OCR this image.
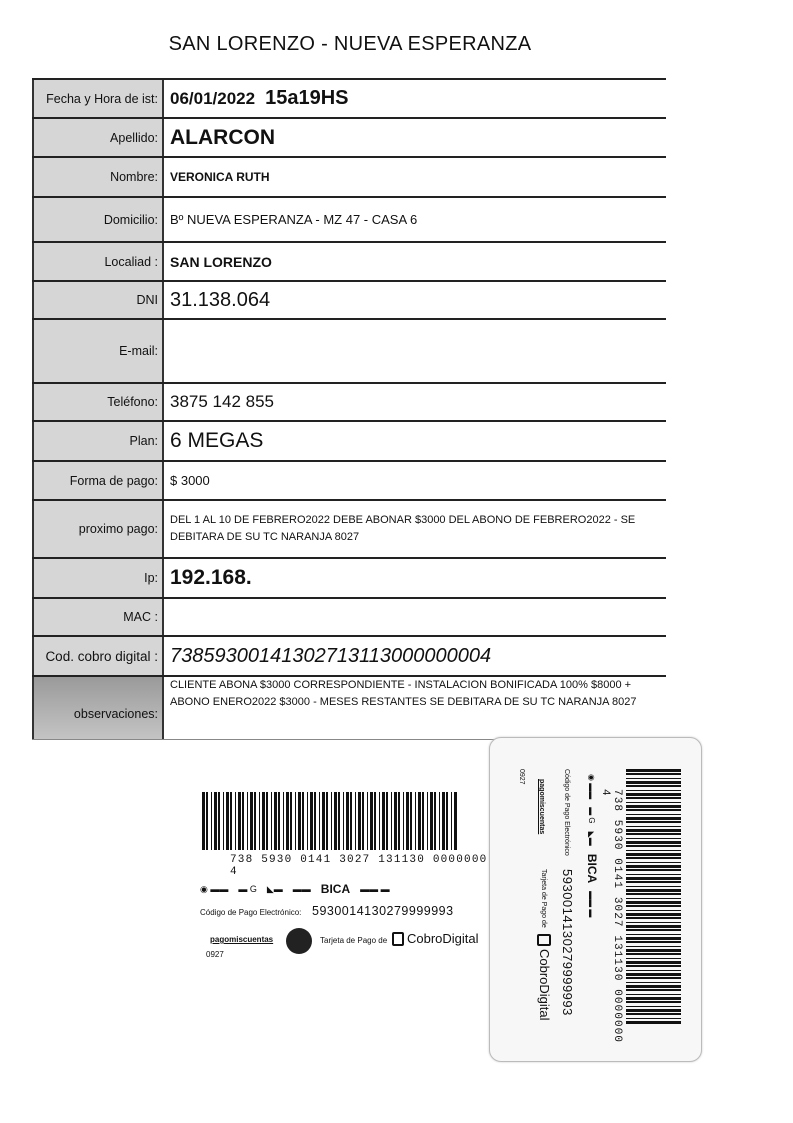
SAN LORENZO - NUEVA ESPERANZA
Fecha y Hora de ist: 06/01/2022 15a19HS
Apellido: ALARCON
Nombre:	VERONICA RUTH
Domicilio: Bº NUEVA ESPERANZA - MZ 47 - CASA 6
Localiad : SAN LORENZO
DNI 31.138.064
E-mail:
Teléfono: 3875 142 855
Plan: 6 MEGAS
Forma de pago: $ 3000
proximo pago:
DEL 1 AL 10 DE FEBRERO2022 DEBE ABONAR $3000 DEL ABONO DE FEBRERO2022 - SE DEBITARA DE SU TC NARANJA 8027
Ip: 192.168.
MAC :
Cod. cobro digital : 73859300141302713113000000004
observaciones:
CLIENTE ABONA $3000 CORRESPONDIENTE - INSTALACION BONIFICADA 100% $8000 + ABONO ENERO2022 $3000 - MESES RESTANTES SE DEBITARA DE SU TC NARANJA 8027
738 5930 0141 3027 131130 0000000 4
◉ ▬▬ ▬ G ◣▬ ▬▬ BICA ▬▬ ▬
Código de Pago Electrónico: 5930014130279999993
pagomiscuentas	Tarjeta de Pago de CobroDigital
0927	738 5930 0141 3027 131130 0000000 4
◉ ▬▬
▬ G
◣▬
BICA
▬▬ ▬
Código de Pago Electrónico
5930014130279999993
pagomiscuentas
Tarjeta de Pago de
CobroDigital
0927
